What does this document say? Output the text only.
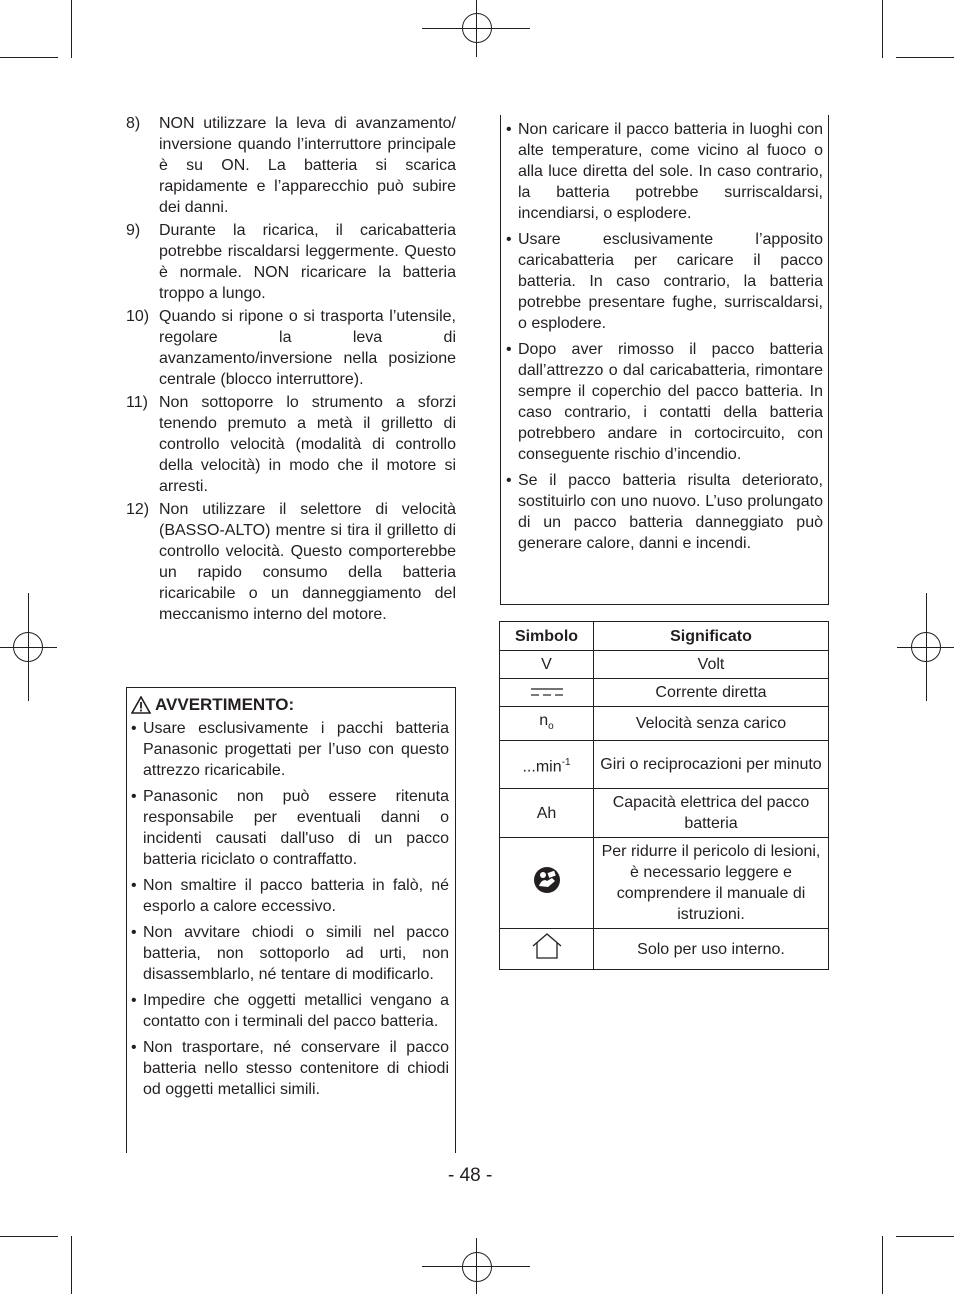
8)	NON utilizzare la leva di avanzamento/ inversione quando l’interruttore principale è su ON. La batteria si scarica rapidamente e l’apparecchio può subire dei danni.
9)	Durante la ricarica, il caricabatteria potrebbe riscaldarsi leggermente. Questo è normale. NON ricaricare la batteria troppo a lungo.
10) Quando si ripone o si trasporta l’utensile, regolare la leva di avanzamento/inversione nella posizione centrale (blocco interruttore).
11) Non sottoporre lo strumento a sforzi tenendo premuto a metà il grilletto di controllo velocità (modalità di controllo della velocità) in modo che il motore si arresti.
12) Non utilizzare il selettore di velocità (BASSO-ALTO) mentre si tira il grilletto di controllo velocità. Questo comporterebbe un rapido consumo della batteria ricaricabile o un danneggiamento del meccanismo interno del motore.
AVVERTIMENTO:
• Usare esclusivamente i pacchi batteria Panasonic progettati per l’uso con questo attrezzo ricaricabile.
• Panasonic non può essere ritenuta responsabile per eventuali danni o incidenti causati dall'uso di un pacco batteria riciclato o contraffatto.
• Non smaltire il pacco batteria in falò, né esporlo a calore eccessivo.
• Non avvitare chiodi o simili nel pacco batteria, non sottoporlo ad urti, non disassemblarlo, né tentare di modificarlo.
• Impedire che oggetti metallici vengano a contatto con i terminali del pacco batteria.
• Non trasportare, né conservare il pacco batteria nello stesso contenitore di chiodi od oggetti metallici simili.
• Non caricare il pacco batteria in luoghi con alte temperature, come vicino al fuoco o alla luce diretta del sole. In caso contrario, la batteria potrebbe surriscaldarsi, incendiarsi, o esplodere.
• Usare esclusivamente l’apposito caricabatteria per caricare il pacco batteria. In caso contrario, la batteria potrebbe presentare fughe, surriscaldarsi, o esplodere.
• Dopo aver rimosso il pacco batteria dall’attrezzo o dal caricabatteria, rimontare sempre il coperchio del pacco batteria. In caso contrario, i contatti della batteria potrebbero andare in cortocircuito, con conseguente rischio d’incendio.
• Se il pacco batteria risulta deteriorato, sostituirlo con uno nuovo. L’uso prolungato di un pacco batteria danneggiato può generare calore, danni e incendi.
Simbolo	Significato
V	Volt
	Corrente diretta
$n_o$	Velocità senza carico
$...\min^{-1}$	Giri o reciprocazioni per minuto
Ah	Capacità elettrica del pacco batteria
	Per ridurre il pericolo di lesioni, è necessario leggere e comprendere il manuale di istruzioni.
	Solo per uso interno.
- 48 -
